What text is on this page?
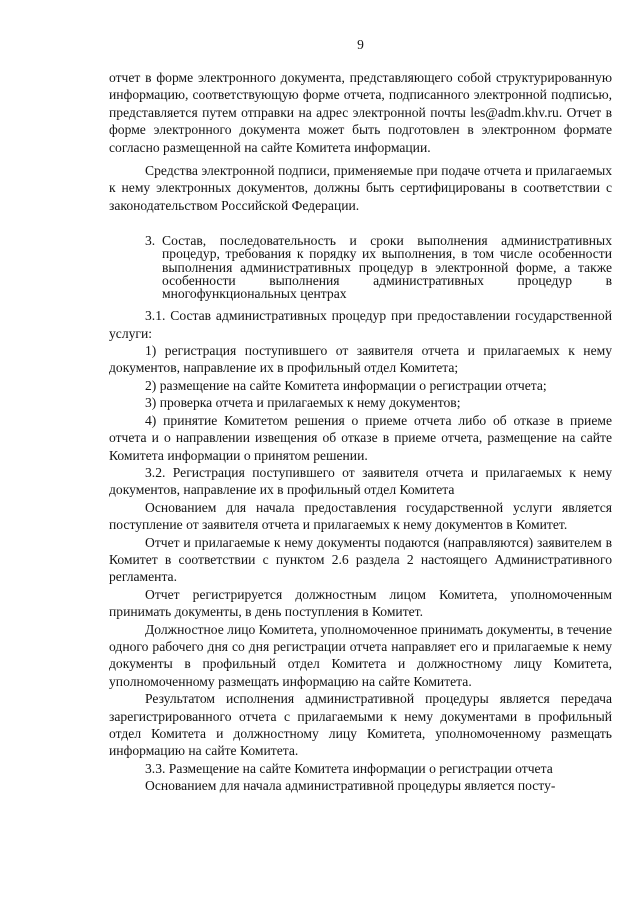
9

отчет в форме электронного документа, представляющего собой структурированную информацию, соответствующую форме отчета, подписанного электронной подписью, представляется путем отправки на адрес электронной почты les@adm.khv.ru. Отчет в форме электронного документа может быть подготовлен в электронном формате согласно размещенной на сайте Комитета информации.

Средства электронной подписи, применяемые при подаче отчета и прилагаемых к нему электронных документов, должны быть сертифицированы в соответствии с законодательством Российской Федерации.

3. Состав, последовательность и сроки выполнения административных процедур, требования к порядку их выполнения, в том числе особенности выполнения административных процедур в электронной форме, а также особенности выполнения административных процедур в многофункциональных центрах

3.1. Состав административных процедур при предоставлении государственной услуги:

1) регистрация поступившего от заявителя отчета и прилагаемых к нему документов, направление их в профильный отдел Комитета;

2) размещение на сайте Комитета информации о регистрации отчета;

3) проверка отчета и прилагаемых к нему документов;

4) принятие Комитетом решения о приеме отчета либо об отказе в приеме отчета и о направлении извещения об отказе в приеме отчета, размещение на сайте Комитета информации о принятом решении.

3.2. Регистрация поступившего от заявителя отчета и прилагаемых к нему документов, направление их в профильный отдел Комитета

Основанием для начала предоставления государственной услуги является поступление от заявителя отчета и прилагаемых к нему документов в Комитет.

Отчет и прилагаемые к нему документы подаются (направляются) заявителем в Комитет в соответствии с пунктом 2.6 раздела 2 настоящего Административного регламента.

Отчет регистрируется должностным лицом Комитета, уполномоченным принимать документы, в день поступления в Комитет.

Должностное лицо Комитета, уполномоченное принимать документы, в течение одного рабочего дня со дня регистрации отчета направляет его и прилагаемые к нему документы в профильный отдел Комитета и должностному лицу Комитета, уполномоченному размещать информацию на сайте Комитета.

Результатом исполнения административной процедуры является передача зарегистрированного отчета с прилагаемыми к нему документами в профильный отдел Комитета и должностному лицу Комитета, уполномоченному размещать информацию на сайте Комитета.

3.3. Размещение на сайте Комитета информации о регистрации отчета

Основанием для начала административной процедуры является посту-
